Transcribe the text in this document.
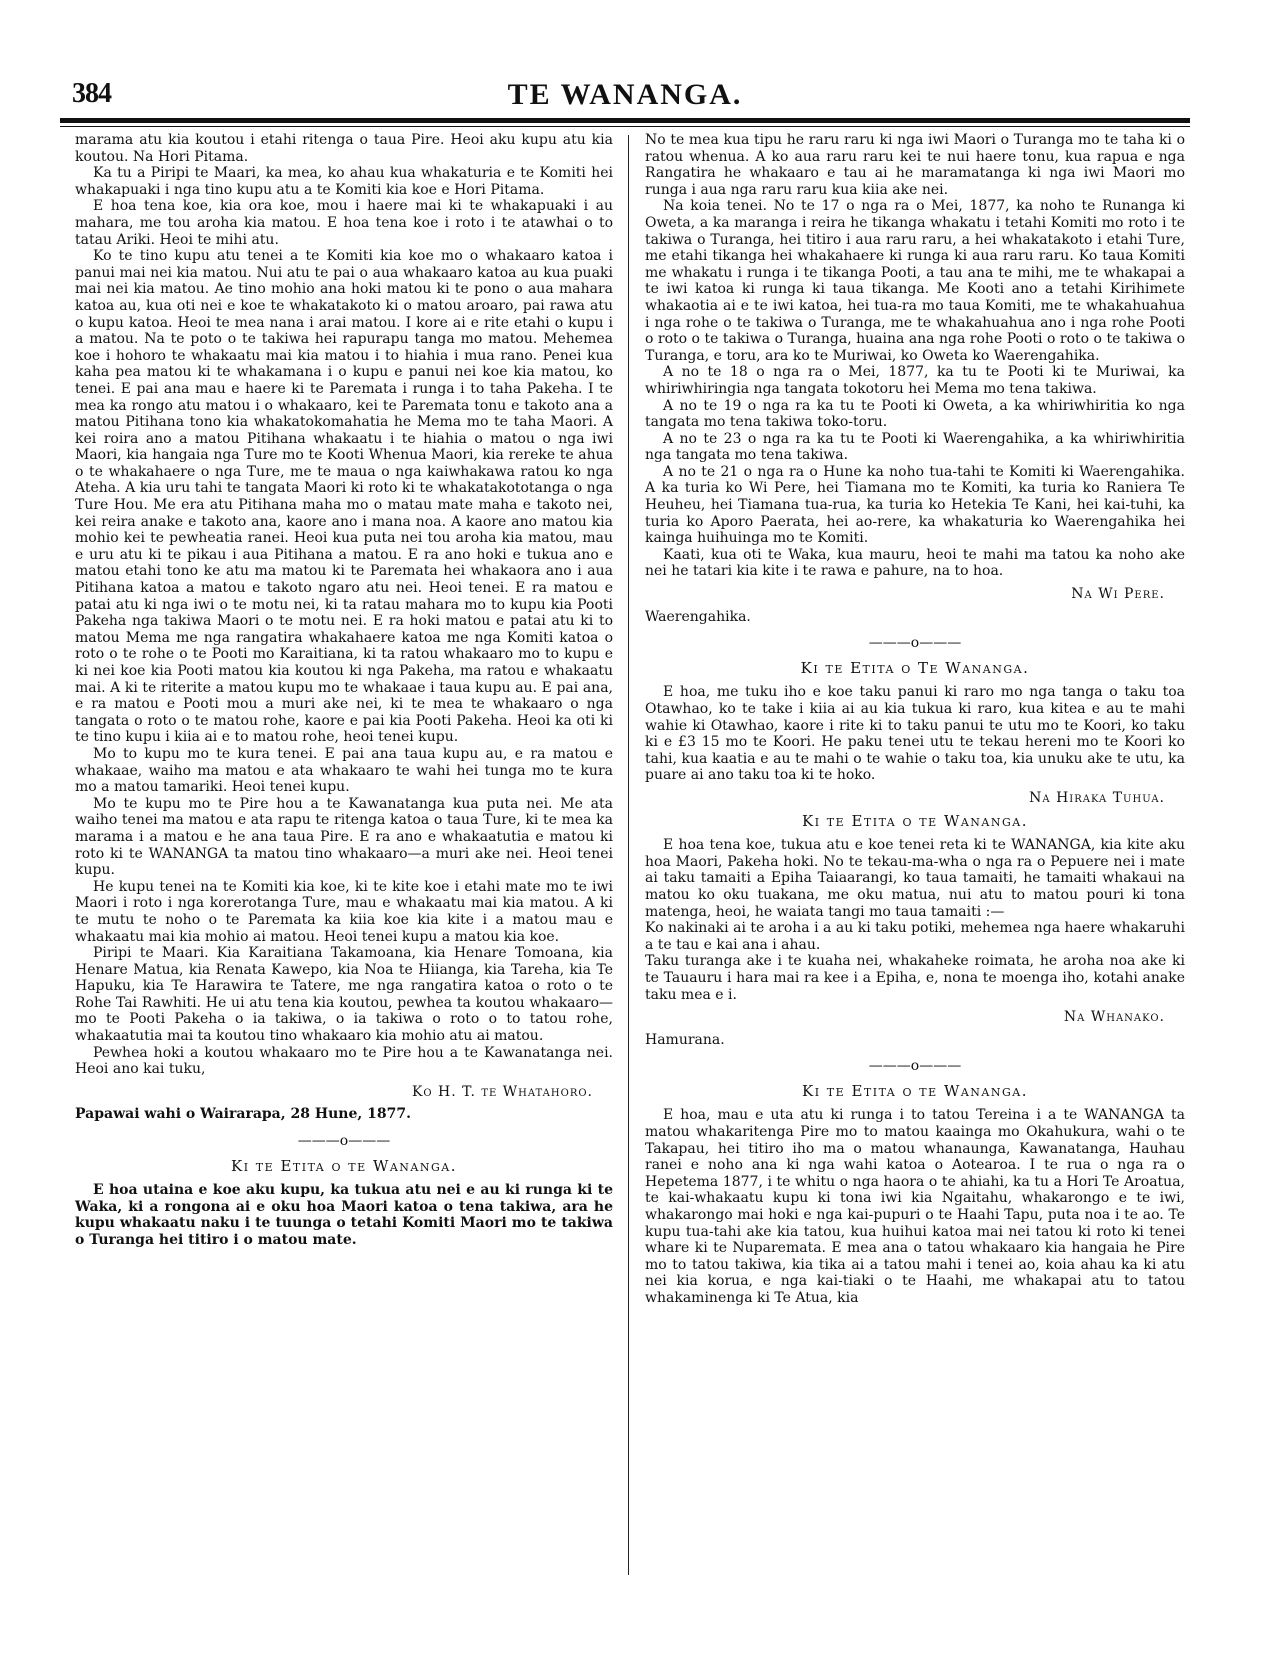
384	TE WANANGA.

marama atu kia koutou i etahi ritenga o taua Pire. Heoi aku kupu atu kia koutou. Na Hori Pitama.

Ka tu a Piripi te Maari, ka mea, ko ahau kua whakaturia e te Komiti hei whakapuaki i nga tino kupu atu a te Komiti kia koe e Hori Pitama.

E hoa tena koe, kia ora koe, mou i haere mai ki te whakapuaki i au mahara, me tou aroha kia matou. E hoa tena koe i roto i te atawhai o to tatau Ariki. Heoi te mihi atu.

Ko te tino kupu atu tenei a te Komiti kia koe mo o whakaaro katoa i panui mai nei kia matou. Nui atu te pai o aua whakaaro katoa au kua puaki mai nei kia matou. Ae tino mohio ana hoki matou ki te pono o aua mahara katoa au, kua oti nei e koe te whakatakoto ki o matou aroaro, pai rawa atu o kupu katoa. Heoi te mea nana i arai matou. I kore ai e rite etahi o kupu i a matou. Na te poto o te takiwa hei rapurapu tanga mo matou. Mehemea koe i hohoro te whakaatu mai kia matou i to hiahia i mua rano. Penei kua kaha pea matou ki te whakamana i o kupu e panui nei koe kia matou, ko tenei. E pai ana mau e haere ki te Paremata i runga i to taha Pakeha. I te mea ka rongo atu matou i o whakaaro, kei te Paremata tonu e takoto ana a matou Pitihana tono kia whakatokomahatia he Mema mo te taha Maori. A kei roira ano a matou Pitihana whakaatu i te hiahia o matou o nga iwi Maori, kia hangaia nga Ture mo te Kooti Whenua Maori, kia rereke te ahua o te whakahaere o nga Ture, me te maua o nga kaiwhakawa ratou ko nga Ateha. A kia uru tahi te tangata Maori ki roto ki te whakatakototanga o nga Ture Hou. Me era atu Pitihana maha mo o matau mate maha e takoto nei, kei reira anake e takoto ana, kaore ano i mana noa. A kaore ano matou kia mohio kei te pewheatia ranei. Heoi kua puta nei tou aroha kia matou, mau e uru atu ki te pikau i aua Pitihana a matou. E ra ano hoki e tukua ano e matou etahi tono ke atu ma matou ki te Paremata hei whakaora ano i aua Pitihana katoa a matou e takoto ngaro atu nei. Heoi tenei. E ra matou e patai atu ki nga iwi o te motu nei, ki ta ratau mahara mo to kupu kia Pooti Pakeha nga takiwa Maori o te motu nei. E ra hoki matou e patai atu ki to matou Mema me nga rangatira whakahaere katoa me nga Komiti katoa o roto o te rohe o te Pooti mo Karaitiana, ki ta ratou whakaaro mo to kupu e ki nei koe kia Pooti matou kia koutou ki nga Pakeha, ma ratou e whakaatu mai. A ki te riterite a matou kupu mo te whakaae i taua kupu au. E pai ana, e ra matou e Pooti mou a muri ake nei, ki te mea te whakaaro o nga tangata o roto o te matou rohe, kaore e pai kia Pooti Pakeha. Heoi ka oti ki te tino kupu i kiia ai e to matou rohe, heoi tenei kupu.

Mo to kupu mo te kura tenei. E pai ana taua kupu au, e ra matou e whakaae, waiho ma matou e ata whakaaro te wahi hei tunga mo te kura mo a matou tamariki. Heoi tenei kupu.

Mo te kupu mo te Pire hou a te Kawanatanga kua puta nei. Me ata waiho tenei ma matou e ata rapu te ritenga katoa o taua Ture, ki te mea ka marama i a matou e he ana taua Pire. E ra ano e whakaatutia e matou ki roto ki te WANANGA ta matou tino whakaaro—a muri ake nei. Heoi tenei kupu.

He kupu tenei na te Komiti kia koe, ki te kite koe i etahi mate mo te iwi Maori i roto i nga korerotanga Ture, mau e whakaatu mai kia matou. A ki te mutu te noho o te Paremata ka kiia koe kia kite i a matou mau e whakaatu mai kia mohio ai matou. Heoi tenei kupu a matou kia koe.

Piripi te Maari. Kia Karaitiana Takamoana, kia Henare Tomoana, kia Henare Matua, kia Renata Kawepo, kia Noa te Hiianga, kia Tareha, kia Te Hapuku, kia Te Harawira te Tatere, me nga rangatira katoa o roto o te Rohe Tai Rawhiti. He ui atu tena kia koutou, pewhea ta koutou whakaaro—mo te Pooti Pakeha o ia takiwa, o ia takiwa o roto o to tatou rohe, whakaatutia mai ta koutou tino whakaaro kia mohio atu ai matou.

Pewhea hoki a koutou whakaaro mo te Pire hou a te Kawanatanga nei. Heoi ano kai tuku,

Ko H. T. te Whatahoro.
Papawai wahi o Wairarapa, 28 Hune, 1877.
———o———
Ki te Etita o te Wananga.

E hoa utaina e koe aku kupu, ka tukua atu nei e au ki runga ki te Waka, ki a rongona ai e oku hoa Maori katoa o tena takiwa, ara he kupu whakaatu naku i te tuunga o tetahi Komiti Maori mo te takiwa o Turanga hei titiro i o matou mate.

No te mea kua tipu he raru raru ki nga iwi Maori o Turanga mo te taha ki o ratou whenua. A ko aua raru raru kei te nui haere tonu, kua rapua e nga Rangatira he whakaaro e tau ai he maramatanga ki nga iwi Maori mo runga i aua nga raru raru kua kiia ake nei.

Na koia tenei. No te 17 o nga ra o Mei, 1877, ka noho te Runanga ki Oweta, a ka marangа i reira he tikanga whakatu i tetahi Komiti mo roto i te takiwa o Turanga, hei titiro i aua raru raru, a hei whakatakoto i etahi Ture, me etahi tikanga hei whakahaere ki runga ki aua raru raru. Ko taua Komiti me whakatu i runga i te tikanga Pooti, a tau ana te mihi, me te whakapai a te iwi katoa ki runga ki taua tikanga. Me Kooti ano a tetahi Kirihimete whakaotia ai e te iwi katoa, hei tua-ra mo taua Komiti, me te whakahuahua i nga rohe o te takiwa o Turanga, me te whakahuahua ano i nga rohe Pooti o roto o te takiwa o Turanga, huaina ana nga rohe Pooti o roto o te takiwa o Turanga, e toru, ara ko te Muriwai, ko Oweta ko Waerengahika.

A no te 18 o nga ra o Mei, 1877, ka tu te Pooti ki te Muriwai, ka whiriwhiringia nga tangata tokotoru hei Mema mo tena takiwa.

A no te 19 o nga ra ka tu te Pooti ki Oweta, a ka whiriwhiritia ko nga tangata mo tena takiwa toko-toru.

A no te 23 o nga ra ka tu te Pooti ki Waerengahika, a ka whiriwhiritia nga tangata mo tena takiwa.

A no te 21 o nga ra o Hune ka noho tua-tahi te Komiti ki Waerengahika. A ka turia ko Wi Pere, hei Tiamana mo te Komiti, ka turia ko Raniera Te Heuheu, hei Tiamana tua-rua, ka turia ko Hetekia Te Kani, hei kai-tuhi, ka turia ko Aporo Paerata, hei ao-rere, ka whakaturia ko Waerengahika hei kainga huihuinga mo te Komiti.

Kaati, kua oti te Waka, kua mauru, heoi te mahi ma tatou ka noho ake nei he tatari kia kite i te rawa e pahure, na to hoa.

Na Wi Pere.
Waerengahika.
———o———
Ki te Etita o Te Wananga.

E hoa, me tuku iho e koe taku panui ki raro mo nga tanga o taku toa Otawhao, ko te take i kiia ai au kia tukua ki raro, kua kitea e au te mahi wahie ki Otawhao, kaore i rite ki to taku panui te utu mo te Koori, ko taku ki e £3 15 mo te Koori. He paku tenei utu te tekau hereni mo te Koori ko tahi, kua kaatia e au te mahi o te wahie o taku toa, kia unuku ake te utu, ka puare ai ano taku toa ki te hoko.

Na Hiraka Tuhua.
Ki te Etita o te Wananga.

E hoa tena koe, tukua atu e koe tenei reta ki te WANANGA, kia kite aku hoa Maori, Pakeha hoki. No te tekau-ma-wha o nga ra o Pepuere nei i mate ai taku tamaiti a Epiha Taiaarangi, ko taua tamaiti, he tamaiti whakaui na matou ko oku tuakana, me oku matua, nui atu to matou pouri ki tona matenga, heoi, he waiata tangi mo taua tamaiti :—

Ko nakinaki ai te aroha i a au ki taku potiki, mehemea nga haere whakaruhi a te tau e kai ana i ahau.

Taku turanga ake i te kuaha nei, whakaheke roimata, he aroha noa ake ki te Tauauru i hara mai ra kee i a Epiha, e, nona te moenga iho, kotahi anake taku mea e i.

Na Whanako.
Hamurana.
———o———
Ki te Etita o te Wananga.

E hoa, mau e uta atu ki runga i to tatou Tereina i a te WANANGA ta matou whakaritenga Pire mo to matou kaainga mo Okahukura, wahi o te Takapau, hei titiro iho ma o matou whanaunga, Kawanatanga, Hauhau ranei e noho ana ki nga wahi katoa o Aotearoa. I te rua o nga ra o Hepetema 1877, i te whitu o nga haora o te ahiahi, ka tu a Hori Te Aroatua, te kai-whakaatu kupu ki tona iwi kia Ngaitahu, whakarongo e te iwi, whakarongo mai hoki e nga kai-pupuri o te Haahi Tapu, puta noa i te ao. Te kupu tua-tahi ake kia tatou, kua huihui katoa mai nei tatou ki roto ki tenei whare ki te Nuparemata. E mea ana o tatou whakaaro kia hangaia he Pire mo to tatou takiwa, kia tika ai a tatou mahi i tenei ao, koia ahau ka ki atu nei kia koruа, e nga kai-tiaki o te Haahi, me whakapai atu to tatou whakaminenga ki Te Atua, kia
